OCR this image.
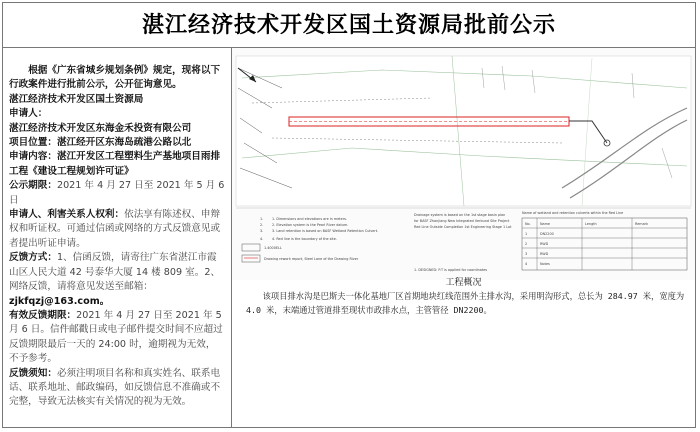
湛江经济技术开发区国土资源局批前公示

根据《广东省城乡规划条例》规定，现将以下行政案件进行批前公示，公开征询意见。

湛江经济技术开发区国土资源局

申请人：

湛江经济技术开发区东海金禾投资有限公司

项目位置：湛江经开区东海岛疏港公路以北

申请内容：湛江开发区工程塑料生产基地项目雨排工程《建设工程规划许可证》

公示期限：2021 年 4 月 27 日至 2021 年 5 月 6 日

申请人、利害关系人权利：依法享有陈述权、申辩权和听证权。可通过信函或网络的方式反馈意见或者提出听证申请。

反馈方式：1、信函反馈，请寄往广东省湛江市霞山区人民大道 42 号泰华大厦 14 楼 809 室。2、网络反馈，请将意见发送至邮箱：zjkfqzj@163.com。

有效反馈期限：2021 年 4 月 27 日至 2021 年 5 月 6 日。信件邮戳日或电子邮件提交时间不应超过反馈期限最后一天的 24:00 时，逾期视为无效，不予参考。

反馈须知：必须注明项目名称和真实姓名、联系电话、联系地址、邮政编码，如反馈信息不准确或不完整，导致无法核实有关情况的视为无效。

1.
2.
3.
4.
1.4000ELL
Drainage system is based on the 1st stage basin plan
for BASF Zhanjiang New Integrated Verbund Site Project
Red Line Outside Completion 1st Engineering Stage 1 Lot
1. DESIGNED: P.T is applied for coordinates
Name of wetland and retention culverts within the Red Line
1. Dimensions and elevations are in meters.
2. Elevation system is the Pearl River datum.
3. Land retention is based on BASF Wetland Retention Culvert.
4. Red line is the boundary of the site.
Drawing rework report, Steel Lane of the Drawing River
No.	Name	Length	Remark
1	DN2200
2	RWD
3	RWD
4	Notes
工程概况
该项目排水沟是巴斯夫一体化基地厂区首期地块红线范围外主排水沟，采用明沟形式，总长为 284.97 米，宽度为 4.0 米，末端通过管道排至现状市政排水点，主管管径 DN2200。
